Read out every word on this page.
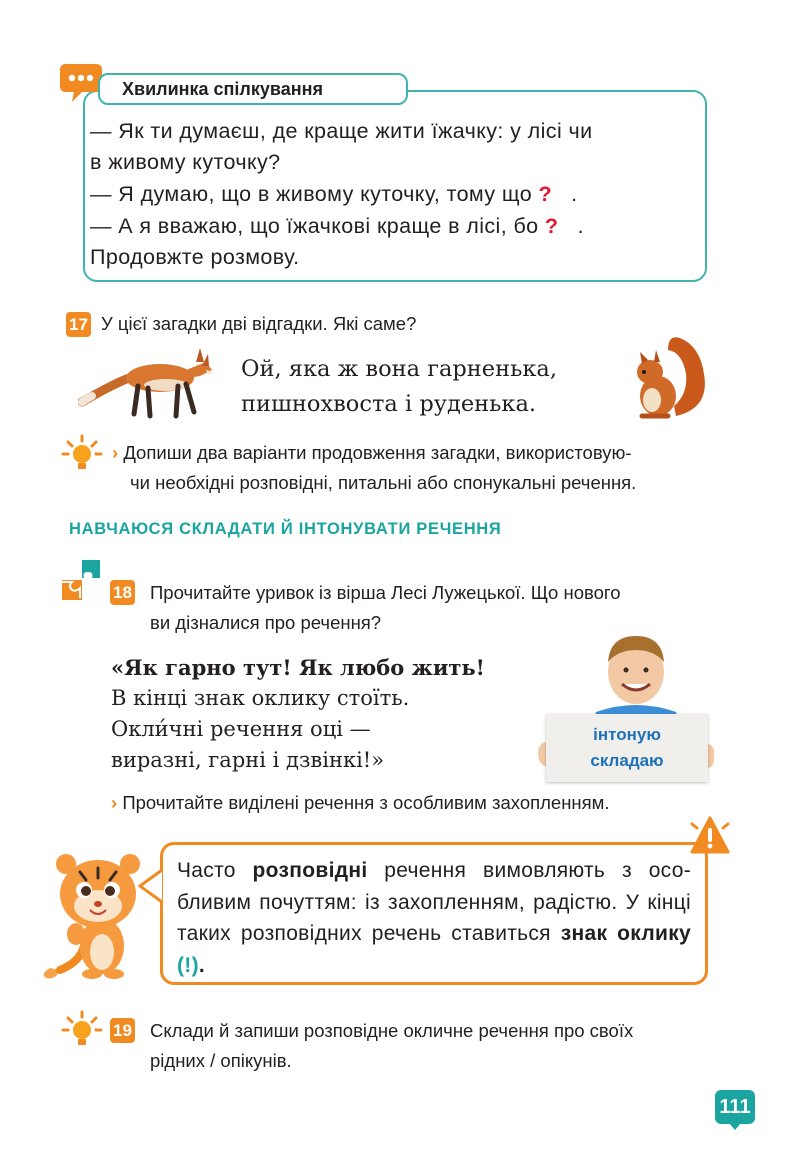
Хвилинка спілкування
— Як ти думаєш, де краще жити їжачку: у лісі чи
в живому куточку?
— Я думаю, що в живому куточку, тому що ? .
— А я вважаю, що їжачкові краще в лісі, бо ? .
Продовжте розмову.
17 У цієї загадки дві відгадки. Які саме?
Ой, яка ж вона гарненька,
пишнохвоста і руденька.
› Допиши два варіанти продовження загадки, використовую-
чи необхідні розповідні, питальні або спонукальні речення.
НАВЧАЮСЯ СКЛАДАТИ Й ІНТОНУВАТИ РЕЧЕННЯ
18 Прочитайте уривок із вірша Лесі Лужецької. Що нового
ви дізналися про речення?
«Як гарно тут! Як любо жить!
В кінці знак оклику стоїть.
Окли́чні речення оці —
виразні, гарні і дзвінкі!»
інтоную
складаю
› Прочитайте виділені речення з особливим захопленням.
Часто розповідні речення вимовляють з осо-бливим почуттям: із захопленням, радістю. У кінці таких розповідних речень ставиться знак оклику (!).
19 Склади й запиши розповідне окличне речення про своїх
рідних / опікунів.
111
